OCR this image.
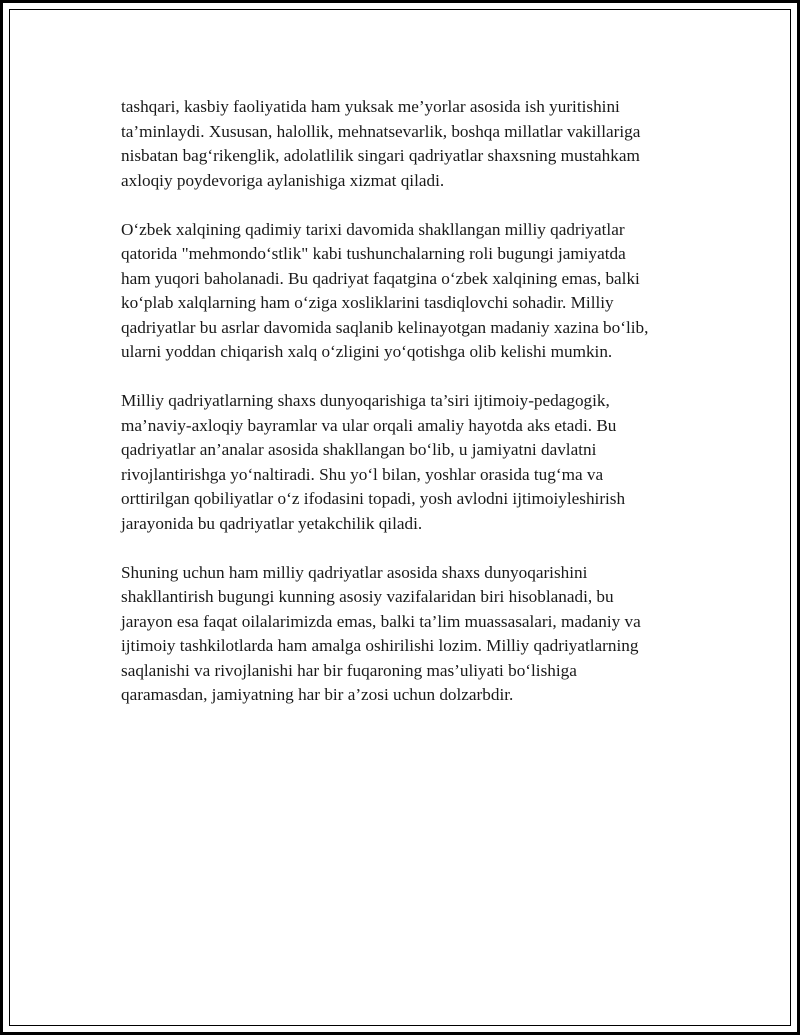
tashqari, kasbiy faoliyatida ham yuksak me’yorlar asosida ish yuritishini
ta’minlaydi. Xususan, halollik, mehnatsevarlik, boshqa millatlar vakillariga
nisbatan bag‘rikenglik, adolatlilik singari qadriyatlar shaxsning mustahkam
axloqiy poydevoriga aylanishiga xizmat qiladi.

O‘zbek xalqining qadimiy tarixi davomida shakllangan milliy qadriyatlar
qatorida "mehmondo‘stlik" kabi tushunchalarning roli bugungi jamiyatda
ham yuqori baholanadi. Bu qadriyat faqatgina o‘zbek xalqining emas, balki
ko‘plab xalqlarning ham o‘ziga xosliklarini tasdiqlovchi sohadir. Milliy
qadriyatlar bu asrlar davomida saqlanib kelinayotgan madaniy xazina bo‘lib,
ularni yoddan chiqarish xalq o‘zligini yo‘qotishga olib kelishi mumkin.

Milliy qadriyatlarning shaxs dunyoqarishiga ta’siri ijtimoiy-pedagogik,
ma’naviy-axloqiy bayramlar va ular orqali amaliy hayotda aks etadi. Bu
qadriyatlar an’analar asosida shakllangan bo‘lib, u jamiyatni davlatni
rivojlantirishga yo‘naltiradi. Shu yo‘l bilan, yoshlar orasida tug‘ma va
orttirilgan qobiliyatlar o‘z ifodasini topadi, yosh avlodni ijtimoiyleshirish
jarayonida bu qadriyatlar yetakchilik qiladi.

Shuning uchun ham milliy qadriyatlar asosida shaxs dunyoqarishini
shakllantirish bugungi kunning asosiy vazifalaridan biri hisoblanadi, bu
jarayon esa faqat oilalarimizda emas, balki ta’lim muassasalari, madaniy va
ijtimoiy tashkilotlarda ham amalga oshirilishi lozim. Milliy qadriyatlarning
saqlanishi va rivojlanishi har bir fuqaroning mas’uliyati bo‘lishiga
qaramasdan, jamiyatning har bir a’zosi uchun dolzarbdir.
